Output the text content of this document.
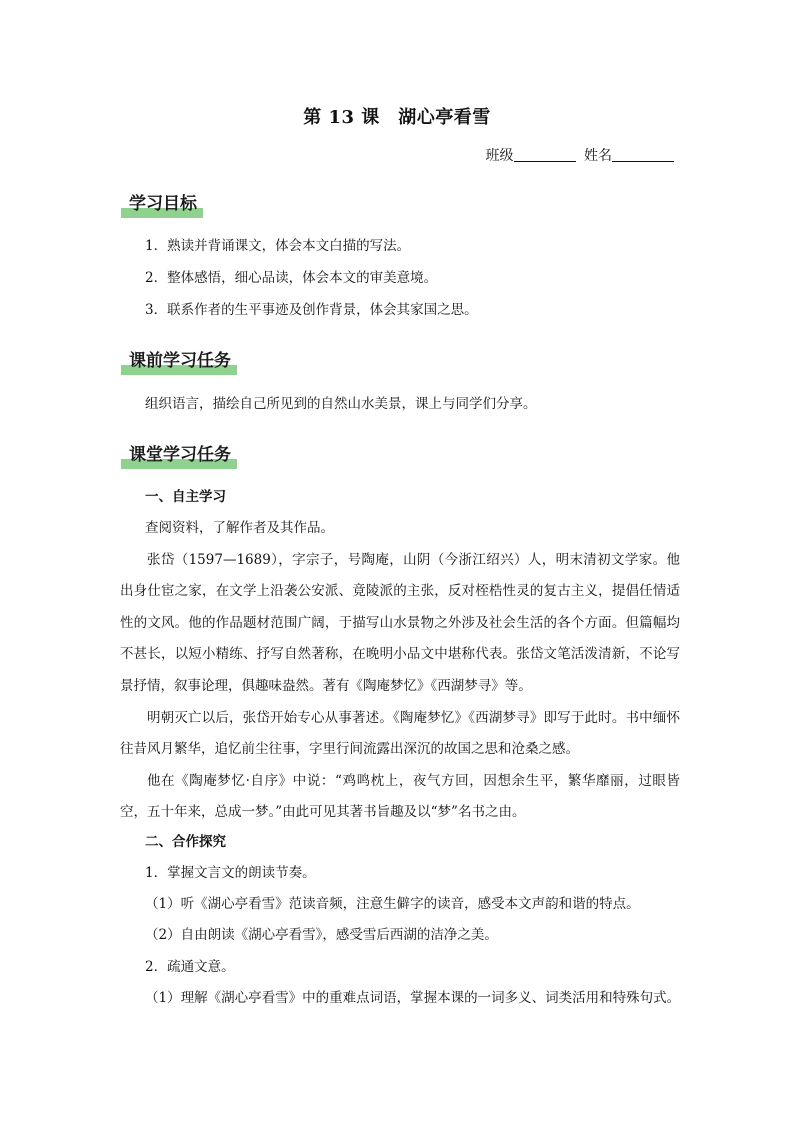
第 13 课　湖心亭看雪
班级	姓名
学习目标
1．熟读并背诵课文，体会本文白描的写法。
2．整体感悟，细心品读，体会本文的审美意境。
3．联系作者的生平事迹及创作背景，体会其家国之思。
课前学习任务
组织语言，描绘自己所见到的自然山水美景，课上与同学们分享。
课堂学习任务
一、自主学习
查阅资料，了解作者及其作品。
张岱（1597—1689），字宗子，号陶庵，山阴（今浙江绍兴）人，明末清初文学家。他出身仕宦之家，在文学上沿袭公安派、竟陵派的主张，反对桎梏性灵的复古主义，提倡任情适性的文风。他的作品题材范围广阔，于描写山水景物之外涉及社会生活的各个方面。但篇幅均不甚长，以短小精练、抒写自然著称，在晚明小品文中堪称代表。张岱文笔活泼清新，不论写景抒情，叙事论理，俱趣味盎然。著有《陶庵梦忆》《西湖梦寻》等。
明朝灭亡以后，张岱开始专心从事著述。《陶庵梦忆》《西湖梦寻》即写于此时。书中缅怀往昔风月繁华，追忆前尘往事，字里行间流露出深沉的故国之思和沧桑之感。
他在《陶庵梦忆·自序》中说：“鸡鸣枕上，夜气方回，因想余生平，繁华靡丽，过眼皆空，五十年来，总成一梦。”由此可见其著书旨趣及以“梦”名书之由。
二、合作探究
1．掌握文言文的朗读节奏。
（1）听《湖心亭看雪》范读音频，注意生僻字的读音，感受本文声韵和谐的特点。
（2）自由朗读《湖心亭看雪》，感受雪后西湖的洁净之美。
2．疏通文意。
（1）理解《湖心亭看雪》中的重难点词语，掌握本课的一词多义、词类活用和特殊句式。
